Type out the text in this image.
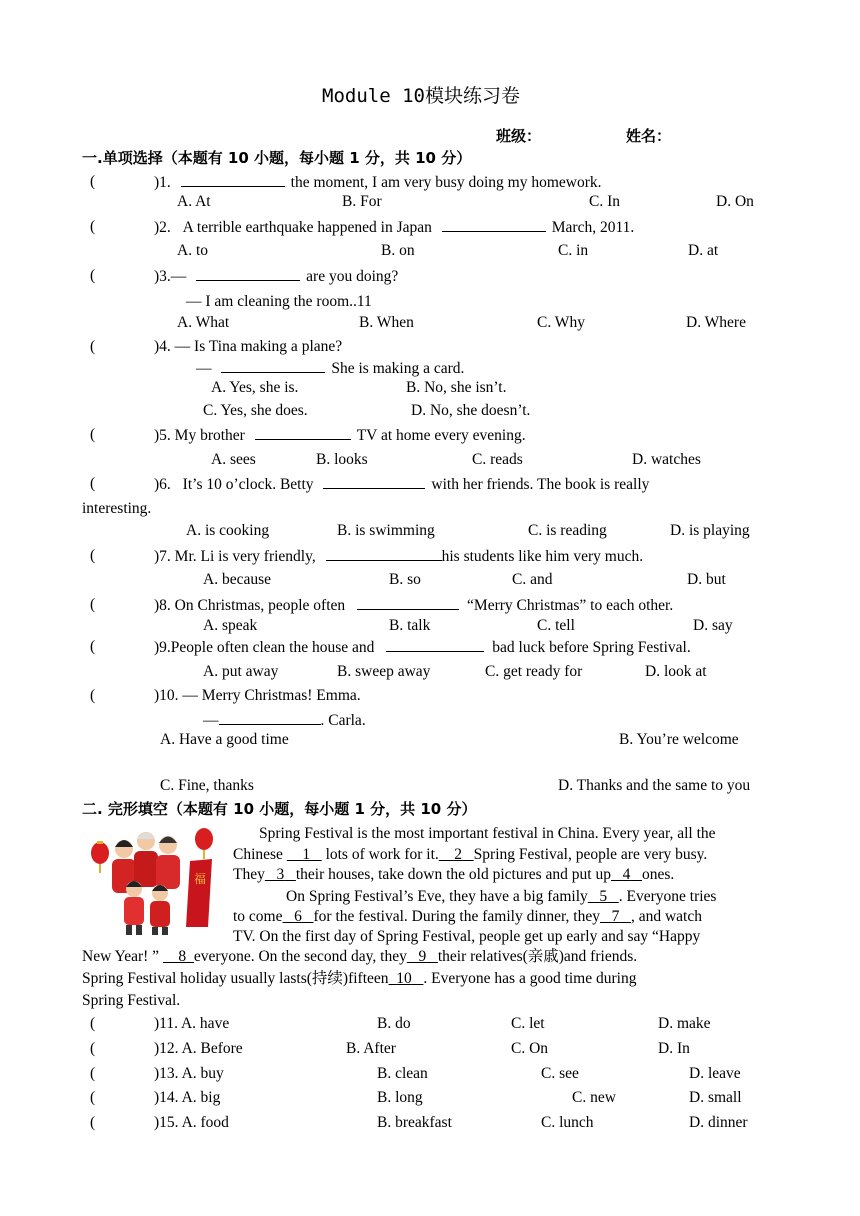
Module 10模块练习卷
班级：	姓名：
一.单项选择（本题有 10 小题，每小题 1 分，共 10 分）
(	)1.	the moment, I am very busy doing my homework.
A. At	B. For	C. In	D. On
(	)2. A terrible earthquake happened in Japan	March, 2011.
A. to	B. on	C. in	D. at
(	)3.—	are you doing?
— I am cleaning the room..11
A. What	B. When	C. Why	D. Where
(	)4. — Is Tina making a plane?
—	She is making a card.
A. Yes, she is.	B. No, she isn’t.
C. Yes, she does.	D. No, she doesn’t.
(	)5. My brother	TV at home every evening.
A. sees	B. looks	C. reads	D. watches
(	)6. It’s 10 o’clock. Betty	with her friends. The book is really
interesting.
A. is cooking	B. is swimming	C. is reading	D. is playing
(	)7. Mr. Li is very friendly,	his students like him very much.
A. because	B. so	C. and	D. but
(	)8. On Christmas, people often	“Merry Christmas” to each other.
A. speak	B. talk	C. tell	D. say
(	)9.People often clean the house and	bad luck before Spring Festival.
A. put away	B. sweep away	C. get ready for	D. look at
(	)10. — Merry Christmas! Emma.
—	. Carla.
A. Have a good time	B. You’re welcome
C. Fine, thanks	D. Thanks and the same to you
二. 完形填空（本题有 10 小题，每小题 1 分，共 10 分）
福
Spring Festival is the most important festival in China. Every year, all the
Chinese 1 lots of work for it. 2 Spring Festival, people are very busy.
They 3 their houses, take down the old pictures and put up 4 ones.
On Spring Festival’s Eve, they have a big family 5 . Everyone tries
to come 6 for the festival. During the family dinner, they 7 , and watch
TV. On the first day of Spring Festival, people get up early and say “Happy
New Year! ” 8 everyone. On the second day, they 9 their relatives(亲戚)and friends.
Spring Festival holiday usually lasts(持续)fifteen 10 . Everyone has a good time during
Spring Festival.
(	)11. A. have	B. do	C. let	D. make
(	)12. A. Before	B. After	C. On	D. In
(	)13. A. buy	B. clean	C. see	D. leave
(	)14. A. big	B. long	C. new	D. small
(	)15. A. food	B. breakfast	C. lunch	D. dinner
